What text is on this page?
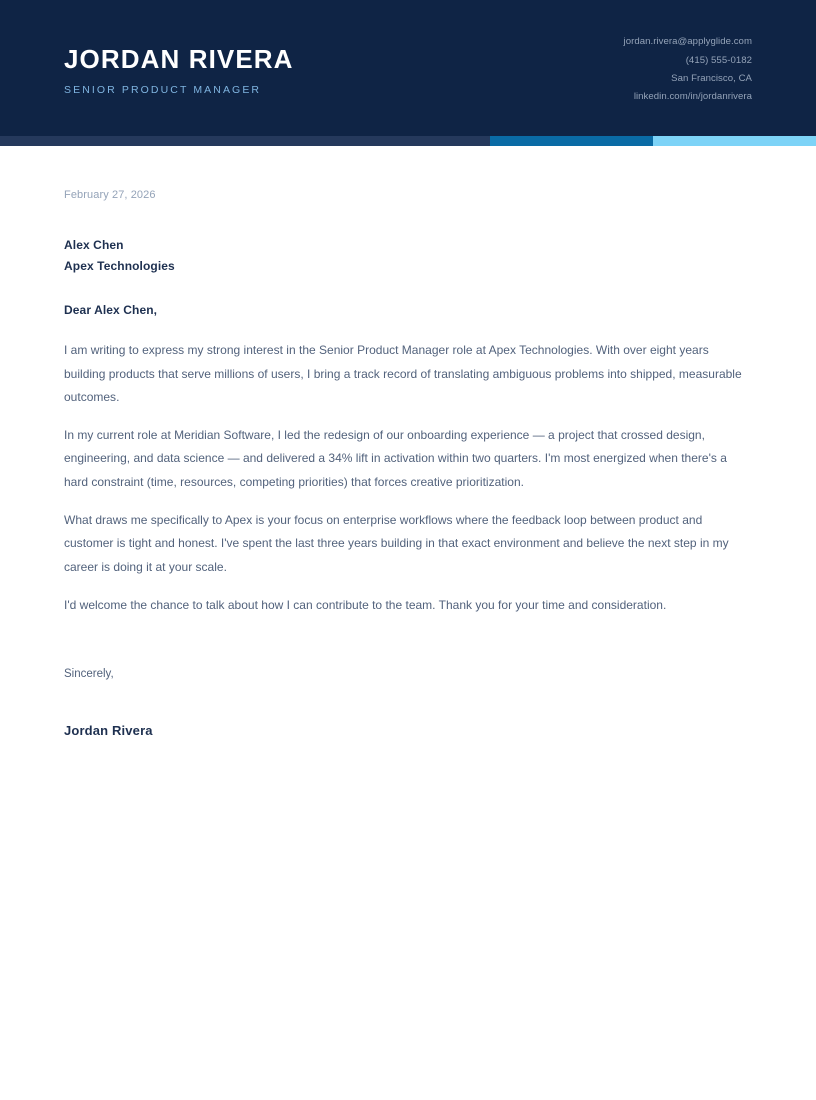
JORDAN RIVERA
SENIOR PRODUCT MANAGER
jordan.rivera@applyglide.com
(415) 555-0182
San Francisco, CA
linkedin.com/in/jordanrivera
February 27, 2026
Alex Chen
Apex Technologies
Dear Alex Chen,

I am writing to express my strong interest in the Senior Product Manager role at Apex Technologies. With over eight years building products that serve millions of users, I bring a track record of translating ambiguous problems into shipped, measurable outcomes.

In my current role at Meridian Software, I led the redesign of our onboarding experience — a project that crossed design, engineering, and data science — and delivered a 34% lift in activation within two quarters. I'm most energized when there's a hard constraint (time, resources, competing priorities) that forces creative prioritization.

What draws me specifically to Apex is your focus on enterprise workflows where the feedback loop between product and customer is tight and honest. I've spent the last three years building in that exact environment and believe the next step in my career is doing it at your scale.

I'd welcome the chance to talk about how I can contribute to the team. Thank you for your time and consideration.

Sincerely,
Jordan Rivera
